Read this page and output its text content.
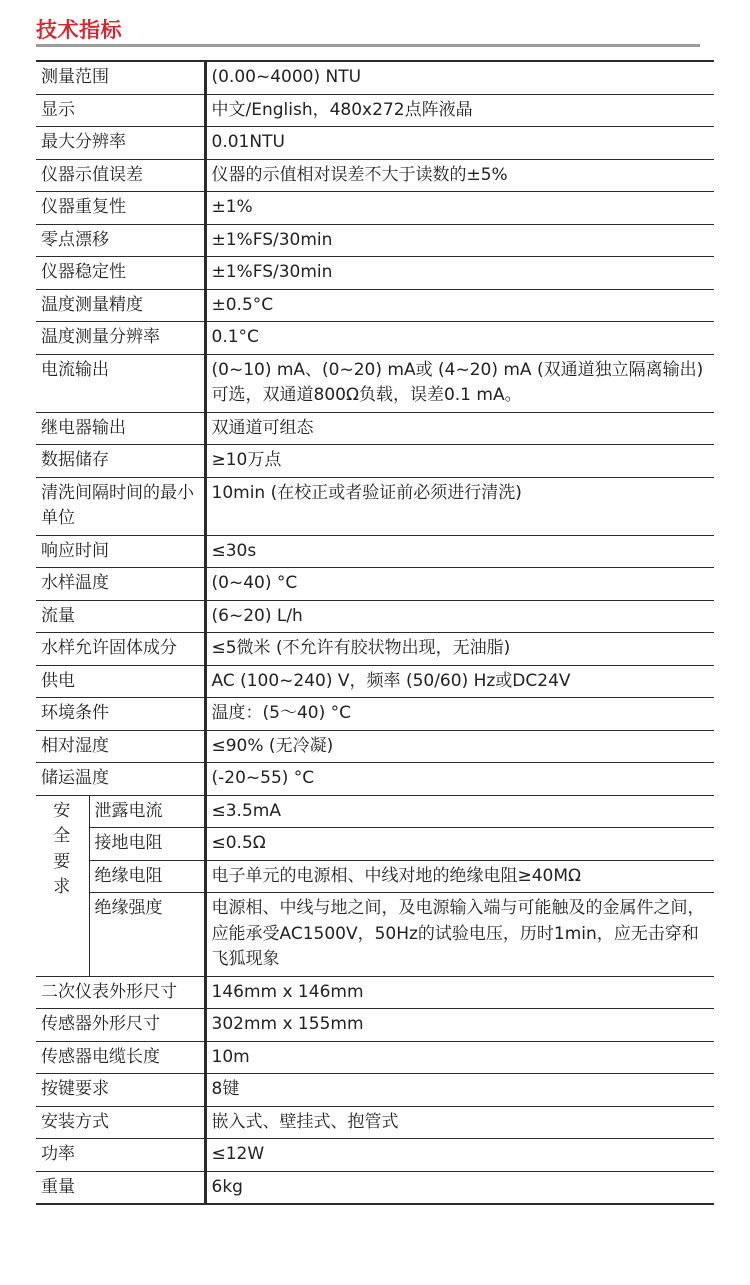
技术指标
测量范围		(0.00~4000) NTU
显示		中文/English，480x272点阵液晶
最大分辨率		0.01NTU
仪器示值误差		仪器的示值相对误差不大于读数的±5%
仪器重复性		±1%
零点漂移		±1%FS/30min
仪器稳定性		±1%FS/30min
温度测量精度		±0.5°C
温度测量分辨率		0.1°C
电流输出		(0~10) mA、(0~20) mA或 (4~20) mA (双通道独立隔离输出) 可选，双通道800Ω负载，误差0.1 mA。
继电器输出		双通道可组态
数据储存		≥10万点
清洗间隔时间的最小单位		10min (在校正或者验证前必须进行清洗)
响应时间		≤30s
水样温度		(0~40) °C
流量		(6~20) L/h
水样允许固体成分		≤5微米 (不允许有胶状物出现，无油脂)
供电		AC (100~240) V，频率 (50/60) Hz或DC24V
环境条件		温度：(5～40) °C
相对湿度		≤90% (无冷凝)
储运温度		(-20~55) °C

安
全
要
求	泄露电流	≤3.5mA
	接地电阻	≤0.5Ω
	绝缘电阻	电子单元的电源相、中线对地的绝缘电阻≥40MΩ
	绝缘强度	电源相、中线与地之间，及电源输入端与可能触及的金属件之间，应能承受AC1500V，50Hz的试验电压，历时1min，应无击穿和飞狐现象
二次仪表外形尺寸		146mm x 146mm
传感器外形尺寸		302mm x 155mm
传感器电缆长度		10m
按键要求		8键
安装方式		嵌入式、壁挂式、抱管式
功率		≤12W
重量		6kg
